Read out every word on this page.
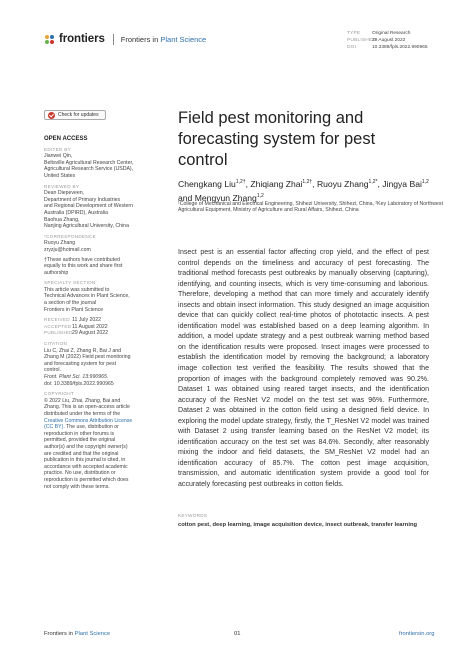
frontiers Frontiers in Plant Science
TYPE Original Research
PUBLISHED29 August 2022
DOI	10.3389/fpls.2022.990965
Check for updates
OPEN ACCESS
EDITED BY
Jianwei Qin,
Beltsville Agricultural Research Center,
Agricultural Research Service (USDA),
United States
REVIEWED BY
Dean Diepeveen,
Department of Primary Industries
and Regional Development of Western
Australia (DPIRD), Australia
Baohua Zhang,
Nanjing Agricultural University, China
*CORRESPONDENCE
Ruoyu Zhang
zryzju@hotmail.com
†These authors have contributed
equally to this work and share first
authorship
SPECIALTY SECTION
This article was submitted to
Technical Advances in Plant Science,
a section of the journal
Frontiers in Plant Science
RECEIVED 11 July 2022
ACCEPTED11 August 2022
PUBLISHED29 August 2022
CITATION
Liu C, Zhai Z, Zhang R, Bai J and
Zhang M (2022) Field pest monitoring
and forecasting system for pest
control.
Front. Plant Sci. 13:990965.
doi: 10.3389/fpls.2022.990965
COPYRIGHT
© 2022 Liu, Zhai, Zhang, Bai and
Zhang. This is an open-access article
distributed under the terms of the
Creative Commons Attribution License
(CC BY). The use, distribution or
reproduction in other forums is
permitted, provided the original
author(s) and the copyright owner(s)
are credited and that the original
publication in this journal is cited, in
accordance with accepted academic
practice. No use, distribution or
reproduction is permitted which does
not comply with these terms.
Field pest monitoring and forecasting system for pest control
Chengkang Liu$^{1,2\dagger}$, Zhiqiang Zhai$^{1,2\dagger}$, Ruoyu Zhang$^{1,2*}$, Jingya Bai$^{1,2}$ and Mengyun Zhang$^{1,2}$
¹College of Mechanical and Electrical Engineering, Shihezi University, Shihezi, China, ²Key Laboratory of Northwest Agricultural Equipment, Ministry of Agriculture and Rural Affairs, Shihezi, China
Insect pest is an essential factor affecting crop yield, and the effect of pest control depends on the timeliness and accuracy of pest forecasting. The traditional method forecasts pest outbreaks by manually observing (capturing), identifying, and counting insects, which is very time-consuming and laborious. Therefore, developing a method that can more timely and accurately identify insects and obtain insect information. This study designed an image acquisition device that can quickly collect real-time photos of phototactic insects. A pest identification model was established based on a deep learning algorithm. In addition, a model update strategy and a pest outbreak warning method based on the identification results were proposed. Insect images were processed to establish the identification model by removing the background; a laboratory image collection test verified the feasibility. The results showed that the proportion of images with the background completely removed was 90.2%. Dataset 1 was obtained using reared target insects, and the identification accuracy of the ResNet V2 model on the test set was 96%. Furthermore, Dataset 2 was obtained in the cotton field using a designed field device. In exploring the model update strategy, firstly, the T_ResNet V2 model was trained with Dataset 2 using transfer learning based on the ResNet V2 model; its identification accuracy on the test set was 84.6%. Secondly, after reasonably mixing the indoor and field datasets, the SM_ResNet V2 model had an identification accuracy of 85.7%. The cotton pest image acquisition, transmission, and automatic identification system provide a good tool for accurately forecasting pest outbreaks in cotton fields.
KEYWORDS
cotton pest, deep learning, image acquisition device, insect outbreak, transfer learning
Frontiers in Plant Science	01	frontiersin.org
